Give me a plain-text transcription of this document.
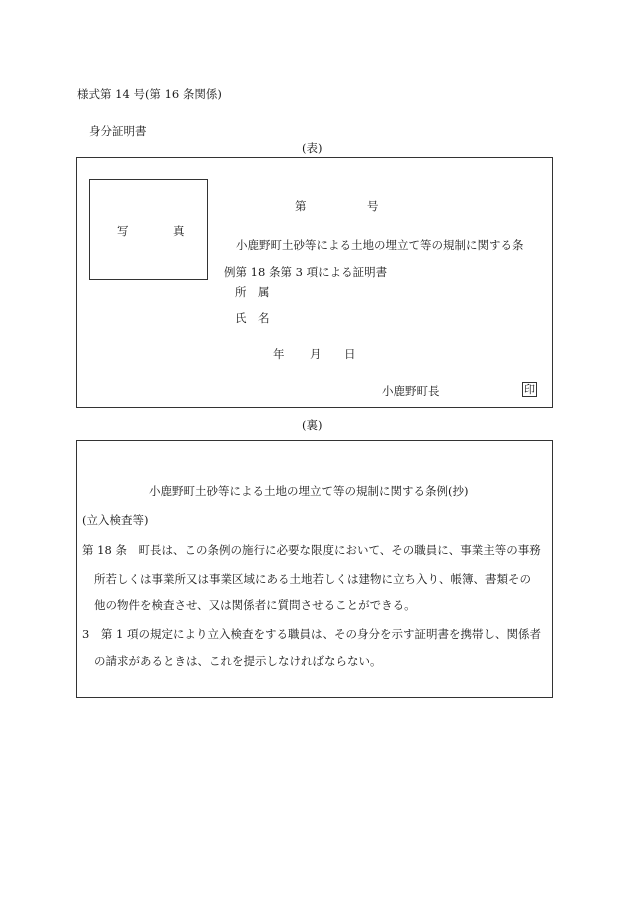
様式第 14 号(第 16 条関係)
身分証明書
(表)
写	真
第	号
小鹿野町土砂等による土地の埋立て等の規制に関する条
例第 18 条第 3 項による証明書
所　属
氏　名
年 月 日
小鹿野町長	印
(裏)
小鹿野町土砂等による土地の埋立て等の規制に関する条例(抄)
(立入検査等)
第 18 条　町長は、この条例の施行に必要な限度において、その職員に、事業主等の事務
所若しくは事業所又は事業区域にある土地若しくは建物に立ち入り、帳簿、書類その
他の物件を検査させ、又は関係者に質問させることができる。
3　第 1 項の規定により立入検査をする職員は、その身分を示す証明書を携帯し、関係者
の請求があるときは、これを提示しなければならない。
